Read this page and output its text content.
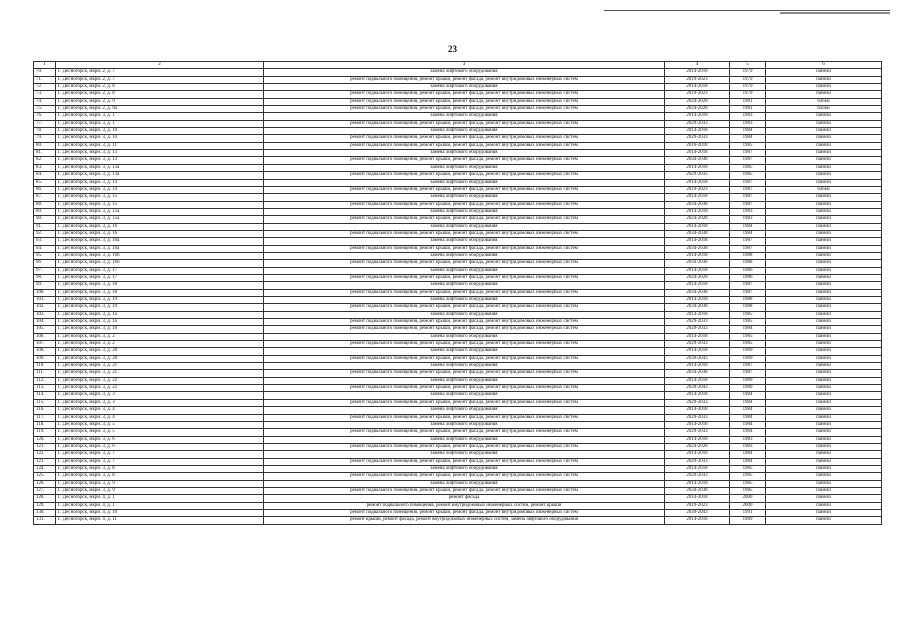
23
1	2	3	4	5	6
70.	Г. Десногорск, мкрн. 2, д. 7	замена лифтового оборудования	2014-2018	1979	панели
71.	Г. Десногорск, мкрн. 2, д. 7	ремонт подвального помещения, ремонт крыши, ремонт фасада, ремонт внутридомовых инженерных систем	2019-2023	1979	панели
72.	Г. Десногорск, мкрн. 2, д. 8	замена лифтового оборудования	2014-2018	1979	панели
73.	Г. Десногорск, мкрн. 2, д. 8	ремонт подвального помещения, ремонт крыши, ремонт фасада, ремонт внутридомовых инженерных систем	2019-2023	1979	панели
74.	Г. Десногорск, мкрн. 2, д. 9	ремонт подвального помещения, ремонт крыши, ремонт фасада, ремонт внутридомовых инженерных систем	2024-2028	1981	блоки
75.	Г. Десногорск, мкрн. 2, д. 9а	ремонт подвального помещения, ремонт крыши, ремонт фасада, ремонт внутридомовых инженерных систем	2024-2028	1981	блоки
76.	Г. Десногорск, мкрн. 3, д. 1	замена лифтового оборудования	2014-2018	1983	панели
77.	Г. Десногорск, мкрн. 3, д. 1	ремонт подвального помещения, ремонт крыши, ремонт фасада, ремонт внутридомовых инженерных систем	2029-2033	1983	панели
78.	Г. Десногорск, мкрн. 3, д. 10	замена лифтового оборудования	2014-2018	1984	панели
79.	Г. Десногорск, мкрн. 3, д. 10	ремонт подвального помещения, ремонт крыши, ремонт фасада, ремонт внутридомовых инженерных систем	2029-2033	1984	панели
80.	Г. Десногорск, мкрн. 3, д. 11	ремонт подвального помещения, ремонт крыши, ремонт фасада, ремонт внутридомовых инженерных систем	2016-2018	1985	панели
81.	Г. Десногорск, мкрн. 3, д. 13	замена лифтового оборудования	2014-2018	1987	панели
82.	Г. Десногорск, мкрн. 3, д. 13	ремонт подвального помещения, ремонт крыши, ремонт фасада, ремонт внутридомовых инженерных систем	2034-2038	1987	панели
83.	Г. Десногорск, мкрн. 3, д. 13а	замена лифтового оборудования	2014-2018	1985	панели
84.	Г. Десногорск, мкрн. 3, д. 13а	ремонт подвального помещения, ремонт крыши, ремонт фасада, ремонт внутридомовых инженерных систем	2029-2033	1985	панели
85.	Г. Десногорск, мкрн. 3, д. 14	замена лифтового оборудования	2014-2018	1987	панели
86.	Г. Десногорск, мкрн. 3, д. 14	ремонт подвального помещения, ремонт крыши, ремонт фасада, ремонт внутридомовых инженерных систем	2019-2023	1987	блоки
87.	Г. Десногорск, мкрн. 3, д. 15	замена лифтового оборудования	2014-2018	1987	панели
88.	Г. Десногорск, мкрн. 3, д. 15	ремонт подвального помещения, ремонт крыши, ремонт фасада, ремонт внутридомовых инженерных систем	2034-2038	1987	панели
89.	Г. Десногорск, мкрн. 3, д. 15а	замена лифтового оборудования	2014-2018	1983	панели
90.	Г. Десногорск, мкрн. 3, д. 15а	ремонт подвального помещения, ремонт крыши, ремонт фасада, ремонт внутридомовых инженерных систем	2024-2028	1983	панели
91.	Г. Десногорск, мкрн. 3, д. 16	замена лифтового оборудования	2014-2018	1984	панели
92.	Г. Десногорск, мкрн. 3, д. 16	ремонт подвального помещения, ремонт крыши, ремонт фасада, ремонт внутридомовых инженерных систем	2034-2038	1984	панели
93.	Г. Десногорск, мкрн. 3, д. 16а	замена лифтового оборудования	2014-2018	1987	панели
94.	Г. Десногорск, мкрн. 3, д. 16а	ремонт подвального помещения, ремонт крыши, ремонт фасада, ремонт внутридомовых инженерных систем	2034-2038	1987	панели
95.	Г. Десногорск, мкрн. 3, д. 16б	замена лифтового оборудования	2014-2018	1988	панели
96.	Г. Десногорск, мкрн. 3, д. 16б	ремонт подвального помещения, ремонт крыши, ремонт фасада, ремонт внутридомовых инженерных систем	2034-2038	1988	панели
97.	Г. Десногорск, мкрн. 3, д. 17	замена лифтового оборудования	2014-2018	1986	панели
98.	Г. Десногорск, мкрн. 3, д. 17	ремонт подвального помещения, ремонт крыши, ремонт фасада, ремонт внутридомовых инженерных систем	2024-2028	1986	панели
99.	Г. Десногорск, мкрн. 3, д. 18	замена лифтового оборудования	2014-2018	1987	панели
100.	Г. Десногорск, мкрн. 3, д. 18	ремонт подвального помещения, ремонт крыши, ремонт фасада, ремонт внутридомовых инженерных систем	2034-2038	1987	панели
101.	Г. Десногорск, мкрн. 3, д. 19	замена лифтового оборудования	2014-2018	1988	панели
102.	Г. Десногорск, мкрн. 3, д. 19	ремонт подвального помещения, ремонт крыши, ремонт фасада, ремонт внутридомовых инженерных систем	2034-2038	1988	панели
103.	Г. Десногорск, мкрн. 3, д. 1а	замена лифтового оборудования	2014-2018	1985	панели
104.	Г. Десногорск, мкрн. 3, д. 1а	ремонт подвального помещения, ремонт крыши, ремонт фасада, ремонт внутридомовых инженерных систем	2029-2033	1985	панели
105.	Г. Десногорск, мкрн. 3, д. 1б	ремонт подвального помещения, ремонт крыши, ремонт фасада, ремонт внутридомовых инженерных систем	2029-2033	1984	панели
106.	Г. Десногорск, мкрн. 3, д. 2	замена лифтового оборудования	2014-2018	1985	панели
107.	Г. Десногорск, мкрн. 3, д. 2	ремонт подвального помещения, ремонт крыши, ремонт фасада, ремонт внутридомовых инженерных систем	2029-2033	1985	панели
108.	Г. Десногорск, мкрн. 3, д. 20	замена лифтового оборудования	2014-2018	1989	панели
109.	Г. Десногорск, мкрн. 3, д. 20	ремонт подвального помещения, ремонт крыши, ремонт фасада, ремонт внутридомовых инженерных систем	2039-2043	1989	панели
110.	Г. Десногорск, мкрн. 3, д. 21	замена лифтового оборудования	2014-2018	1987	панели
111.	Г. Десногорск, мкрн. 3, д. 21	ремонт подвального помещения, ремонт крыши, ремонт фасада, ремонт внутридомовых инженерных систем	2034-2038	1987	панели
112.	Г. Десногорск, мкрн. 3, д. 22	замена лифтового оборудования	2014-2018	1989	панели
113.	Г. Десногорск, мкрн. 3, д. 22	ремонт подвального помещения, ремонт крыши, ремонт фасада, ремонт внутридомовых инженерных систем	2039-2043	1989	панели
114.	Г. Десногорск, мкрн. 3, д. 3	замена лифтового оборудования	2014-2018	1984	панели
115.	Г. Десногорск, мкрн. 3, д. 3	ремонт подвального помещения, ремонт крыши, ремонт фасада, ремонт внутридомовых инженерных систем	2029-2033	1984	панели
116.	Г. Десногорск, мкрн. 3, д. 4	замена лифтового оборудования	2014-2018	1984	панели
117.	Г. Десногорск, мкрн. 3, д. 4	ремонт подвального помещения, ремонт крыши, ремонт фасада, ремонт внутридомовых инженерных систем	2029-2033	1984	панели
118.	Г. Десногорск, мкрн. 3, д. 5	замена лифтового оборудования	2014-2018	1984	панели
119.	Г. Десногорск, мкрн. 3, д. 5	ремонт подвального помещения, ремонт крыши, ремонт фасада, ремонт внутридомовых инженерных систем	2029-2033	1984	панели
120.	Г. Десногорск, мкрн. 3, д. 6	замена лифтового оборудования	2014-2018	1983	панели
121.	Г. Десногорск, мкрн. 3, д. 6	ремонт подвального помещения, ремонт крыши, ремонт фасада, ремонт внутридомовых инженерных систем	2024-2028	1983	панели
122.	Г. Десногорск, мкрн. 3, д. 7	замена лифтового оборудования	2014-2018	1984	панели
123.	Г. Десногорск, мкрн. 3, д. 7	ремонт подвального помещения, ремонт крыши, ремонт фасада, ремонт внутридомовых инженерных систем	2029-2033	1984	панели
124.	Г. Десногорск, мкрн. 3, д. 8	замена лифтового оборудования	2014-2018	1985	панели
125.	Г. Десногорск, мкрн. 3, д. 8	ремонт подвального помещения, ремонт крыши, ремонт фасада, ремонт внутридомовых инженерных систем	2029-2033	1985	панели
126.	Г. Десногорск, мкрн. 3, д. 9	замена лифтового оборудования	2014-2018	1985	панели
127.	Г. Десногорск, мкрн. 3, д. 9	ремонт подвального помещения, ремонт крыши, ремонт фасада, ремонт внутридомовых инженерных систем	2034-2038	1985	панели
128.	Г. Десногорск, мкрн. 4, д. 1	ремонт фасада	2014-2018	2000	панели
129.	Г. Десногорск, мкрн. 4, д. 1	ремонт подвального помещения, ремонт внутридомовых инженерных систем, ремонт крыши	2019-2023	2000	панели
130.	Г. Десногорск, мкрн. 4, д. 10	ремонт подвального помещения, ремонт крыши, ремонт фасада, ремонт внутридомовых инженерных систем	2039-2043	1991	панели
131.	Г. Десногорск, мкрн. 4, д. 11	ремонт крыши, ремонт фасада, ремонт внутридомовых инженерных систем, замена лифтового оборудования	2014-2018	1989	панели
